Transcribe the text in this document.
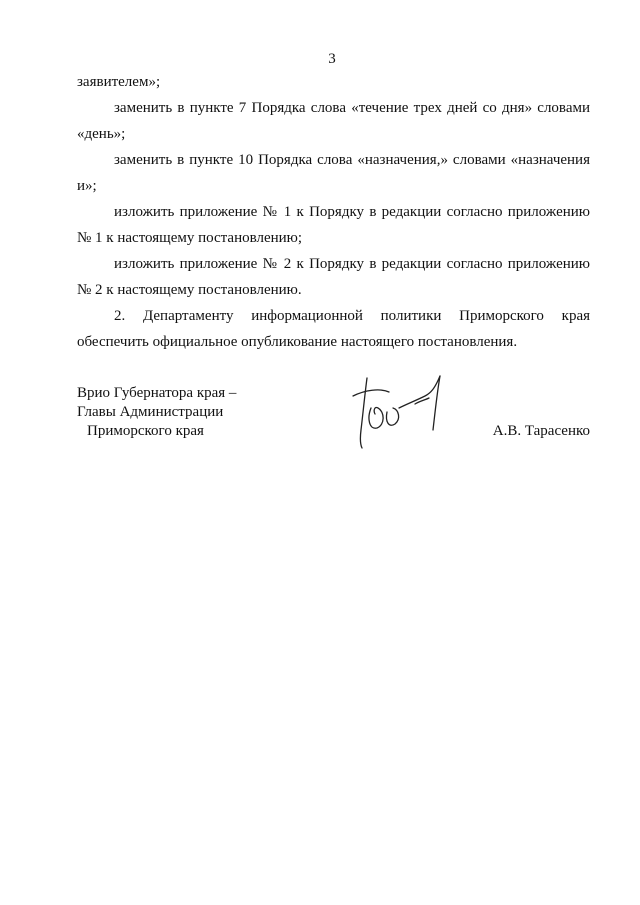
3

заявителем»;

заменить в пункте 7 Порядка слова «течение трех дней со дня» словами «день»;

заменить в пункте 10 Порядка слова «назначения,» словами «назначения и»;

изложить приложение № 1 к Порядку в редакции согласно приложению № 1 к настоящему постановлению;

изложить приложение № 2 к Порядку в редакции согласно приложению № 2 к настоящему постановлению.

2. Департаменту информационной политики Приморского края обеспечить официальное опубликование настоящего постановления.

Врио Губернатора края –
Главы Администрации
Приморского края	А.В. Тарасенко
